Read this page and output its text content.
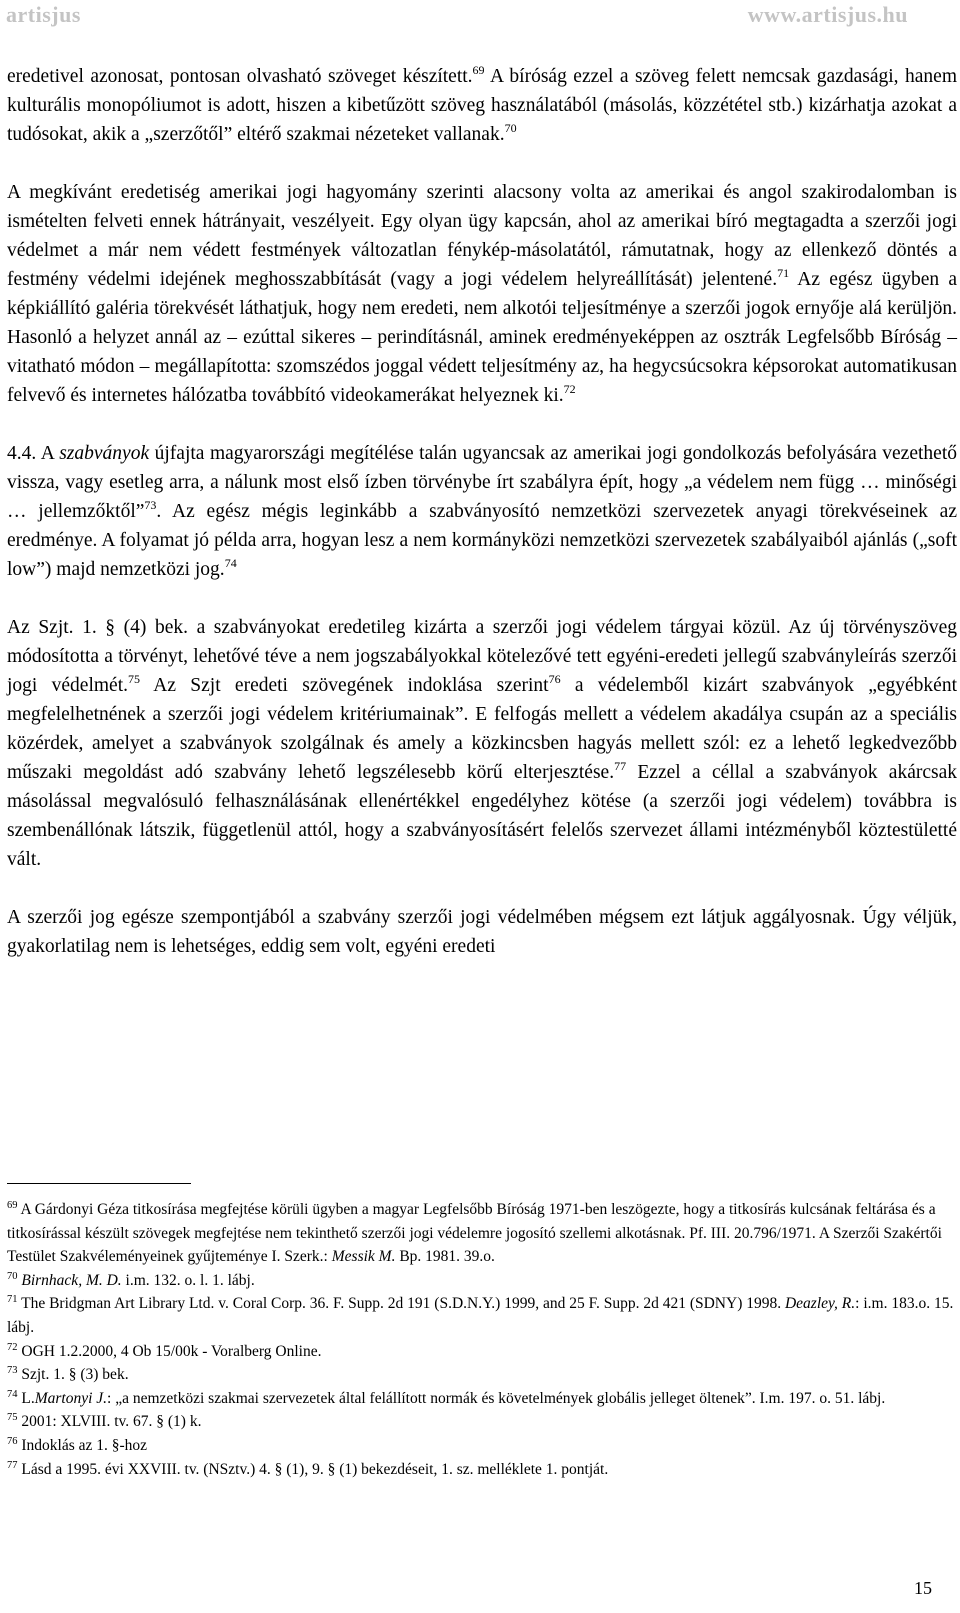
artisjus	www.artisjus.hu

eredetivel azonosat, pontosan olvasható szöveget készített.$^{69}$ A bíróság ezzel a szöveg felett nemcsak gazdasági, hanem kulturális monopóliumot is adott, hiszen a kibetűzött szöveg használatából (másolás, közzététel stb.) kizárhatja azokat a tudósokat, akik a „szerzőtől” eltérő szakmai nézeteket vallanak.$^{70}$

A megkívánt eredetiség amerikai jogi hagyomány szerinti alacsony volta az amerikai és angol szakirodalomban is ismételten felveti ennek hátrányait, veszélyeit. Egy olyan ügy kapcsán, ahol az amerikai bíró megtagadta a szerzői jogi védelmet a már nem védett festmények változatlan fénykép-másolatától, rámutatnak, hogy az ellenkező döntés a festmény védelmi idejének meghosszabbítását (vagy a jogi védelem helyreállítását) jelentené.$^{71}$ Az egész ügyben a képkiállító galéria törekvését láthatjuk, hogy nem eredeti, nem alkotói teljesítménye a szerzői jogok ernyője alá kerüljön. Hasonló a helyzet annál az – ezúttal sikeres – perindításnál, aminek eredményeképpen az osztrák Legfelsőbb Bíróság – vitatható módon – megállapította: szomszédos joggal védett teljesítmény az, ha hegycsúcsokra képsorokat automatikusan felvevő és internetes hálózatba továbbító videokamerákat helyeznek ki.$^{72}$

4.4. A szabványok újfajta magyarországi megítélése talán ugyancsak az amerikai jogi gondolkozás befolyására vezethető vissza, vagy esetleg arra, a nálunk most első ízben törvénybe írt szabályra épít, hogy „a védelem nem függ … minőségi … jellemzőktől”$^{73}$. Az egész mégis leginkább a szabványosító nemzetközi szervezetek anyagi törekvéseinek az eredménye. A folyamat jó példa arra, hogyan lesz a nem kormányközi nemzetközi szervezetek szabályaiból ajánlás („soft low”) majd nemzetközi jog.$^{74}$

Az Szjt. 1. § (4) bek. a szabványokat eredetileg kizárta a szerzői jogi védelem tárgyai közül. Az új törvényszöveg módosította a törvényt, lehetővé téve a nem jogszabályokkal kötelezővé tett egyéni-eredeti jellegű szabványleírás szerzői jogi védelmét.$^{75}$ Az Szjt eredeti szövegének indoklása szerint$^{76}$ a védelemből kizárt szabványok „egyébként megfelelhetnének a szerzői jogi védelem kritériumainak”. E felfogás mellett a védelem akadálya csupán az a speciális közérdek, amelyet a szabványok szolgálnak és amely a közkincsben hagyás mellett szól: ez a lehető legkedvezőbb műszaki megoldást adó szabvány lehető legszélesebb körű elterjesztése.$^{77}$ Ezzel a céllal a szabványok akárcsak másolással megvalósuló felhasználásának ellenértékkel engedélyhez kötése (a szerzői jogi védelem) továbbra is szembenállónak látszik, függetlenül attól, hogy a szabványosításért felelős szervezet állami intézményből köztestületté vált.

A szerzői jog egésze szempontjából a szabvány szerzői jogi védelmében mégsem ezt látjuk aggályosnak. Úgy véljük, gyakorlatilag nem is lehetséges, eddig sem volt, egyéni eredeti

$^{69}$ A Gárdonyi Géza titkosírása megfejtése körüli ügyben a magyar Legfelsőbb Bíróság 1971-ben leszögezte, hogy a titkosírás kulcsának feltárása és a titkosírással készült szövegek megfejtése nem tekinthető szerzői jogi védelemre jogosító szellemi alkotásnak. Pf. III. 20.796/1971. A Szerzői Szakértői Testület Szakvéleményeinek gyűjteménye I. Szerk.: Messik M. Bp. 1981. 39.o.

$^{70}$ Birnhack, M. D. i.m. 132. o. l. 1. lábj.

$^{71}$ The Bridgman Art Library Ltd. v. Coral Corp. 36. F. Supp. 2d 191 (S.D.N.Y.) 1999, and 25 F. Supp. 2d 421 (SDNY) 1998. Deazley, R.: i.m. 183.o. 15. lábj.

$^{72}$ OGH 1.2.2000, 4 Ob 15/00k - Voralberg Online.

$^{73}$ Szjt. 1. § (3) bek.

$^{74}$ L.Martonyi J.: „a nemzetközi szakmai szervezetek által felállított normák és követelmények globális jelleget öltenek”. I.m. 197. o. 51. lábj.

$^{75}$ 2001: XLVIII. tv. 67. § (1) k.

$^{76}$ Indoklás az 1. §-hoz

$^{77}$ Lásd a 1995. évi XXVIII. tv. (NSztv.) 4. § (1), 9. § (1) bekezdéseit, 1. sz. melléklete 1. pontját.

15
